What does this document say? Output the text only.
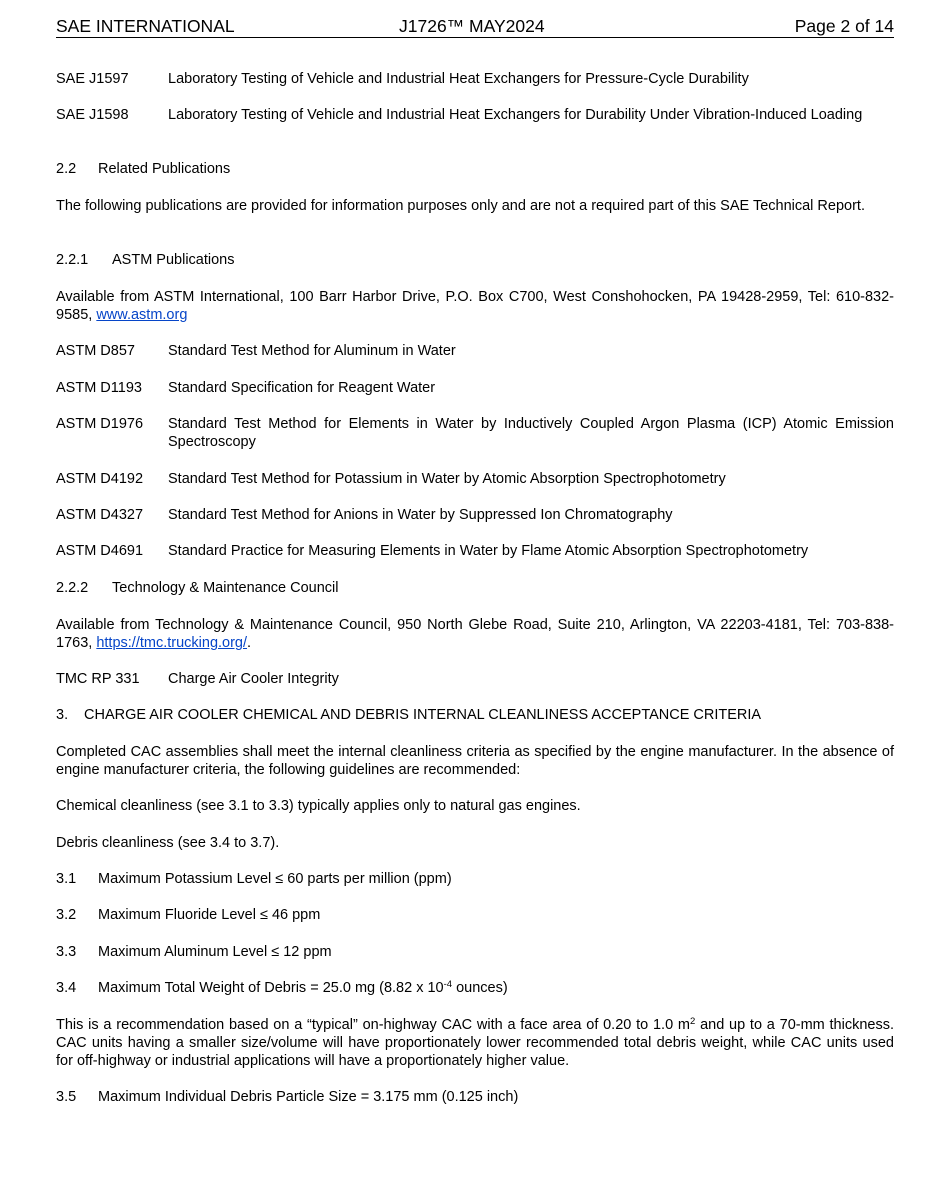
SAE INTERNATIONAL	J1726™ MAY2024	Page 2 of 14
SAE J1597	Laboratory Testing of Vehicle and Industrial Heat Exchangers for Pressure-Cycle Durability
SAE J1598	Laboratory Testing of Vehicle and Industrial Heat Exchangers for Durability Under Vibration-Induced Loading
2.2 Related Publications
The following publications are provided for information purposes only and are not a required part of this SAE Technical Report.
2.2.1 ASTM Publications
Available from ASTM International, 100 Barr Harbor Drive, P.O. Box C700, West Conshohocken, PA 19428-2959, Tel: 610-832-9585, www.astm.org
ASTM D857	Standard Test Method for Aluminum in Water
ASTM D1193	Standard Specification for Reagent Water
ASTM D1976	Standard Test Method for Elements in Water by Inductively Coupled Argon Plasma (ICP) Atomic Emission Spectroscopy
ASTM D4192	Standard Test Method for Potassium in Water by Atomic Absorption Spectrophotometry
ASTM D4327	Standard Test Method for Anions in Water by Suppressed Ion Chromatography
ASTM D4691	Standard Practice for Measuring Elements in Water by Flame Atomic Absorption Spectrophotometry
2.2.2 Technology & Maintenance Council
Available from Technology & Maintenance Council, 950 North Glebe Road, Suite 210, Arlington, VA 22203-4181, Tel: 703-838-1763, https://tmc.trucking.org/.
TMC RP 331	Charge Air Cooler Integrity
3. CHARGE AIR COOLER CHEMICAL AND DEBRIS INTERNAL CLEANLINESS ACCEPTANCE CRITERIA
Completed CAC assemblies shall meet the internal cleanliness criteria as specified by the engine manufacturer. In the absence of engine manufacturer criteria, the following guidelines are recommended:
Chemical cleanliness (see 3.1 to 3.3) typically applies only to natural gas engines.
Debris cleanliness (see 3.4 to 3.7).
3.1 Maximum Potassium Level ≤ 60 parts per million (ppm)
3.2 Maximum Fluoride Level ≤ 46 ppm
3.3 Maximum Aluminum Level ≤ 12 ppm
3.4 Maximum Total Weight of Debris = 25.0 mg (8.82 x $10^{-4}$ ounces)
This is a recommendation based on a “typical” on-highway CAC with a face area of 0.20 to 1.0 $m^2$ and up to a 70-mm thickness. CAC units having a smaller size/volume will have proportionately lower recommended total debris weight, while CAC units used for off-highway or industrial applications will have a proportionately higher value.
3.5 Maximum Individual Debris Particle Size = 3.175 mm (0.125 inch)
